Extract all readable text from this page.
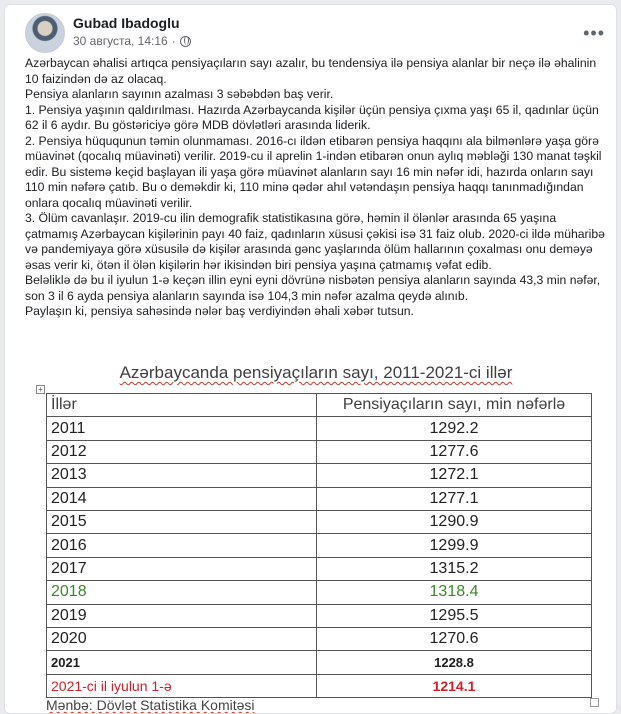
Gubad Ibadoglu
30 августа, 14:16 ·	•••

Azərbaycan əhalisi artıqca pensiyaçıların sayı azalır, bu tendensiya ilə pensiya alanlar bir neçə ilə əhalinin 10 faizindən də az olacaq.

Pensiya alanların sayının azalması 3 səbəbdən baş verir.

1. Pensiya yaşının qaldırılması. Hazırda Azərbaycanda kişilər üçün pensiya çıxma yaşı 65 il, qadınlar üçün 62 il 6 aydır. Bu göstəriciyə görə MDB dövlətləri arasında liderik.

2. Pensiya hüququnun təmin olunmaması. 2016-cı ildən etibarən pensiya haqqını ala bilmənlərə yaşa görə müavinət (qocalıq müavinəti) verilir. 2019-cu il aprelin 1-indən etibarən onun aylıq məbləği 130 manat təşkil edir. Bu sistemə keçid başlayan ili yaşa görə müavinət alanların sayı 16 min nəfər idi, hazırda onların sayı 110 min nəfərə çatıb. Bu o deməkdir ki, 110 minə qədər ahıl vətəndaşın pensiya haqqı tanınmadığından onlara qocalıq müavinəti verilir.

3. Ölüm cavanlaşır. 2019-cu ilin demografik statistikasına görə, həmin il ölənlər arasında 65 yaşına çatmamış Azərbaycan kişilərinin payı 40 faiz, qadınların xüsusi çəkisi isə 31 faiz olub. 2020-ci ildə müharibə və pandemiyaya görə xüsusilə də kişilər arasında gənc yaşlarında ölüm hallarının çoxalması onu deməyə əsas verir ki, ötən il ölən kişilərin hər ikisindən biri pensiya yaşına çatmamış vəfat edib.

Beləliklə də bu il iyulun 1-ə keçən illin eyni eyni dövrünə nisbətən pensiya alanların sayında 43,3 min nəfər, son 3 il 6 ayda pensiya alanların sayında isə 104,3 min nəfər azalma qeydə alınıb.

Paylaşın ki, pensiya sahəsində nələr baş verdiyindən əhali xəbər tutsun.

Azərbaycanda pensiyaçıların sayı, 2011-2021-ci illər
+
İllər	Pensiyaçıların sayı, min nəfərlə
2011	1292.2
2012	1277.6
2013	1272.1
2014	1277.1
2015	1290.9
2016	1299.9
2017	1315.2
2018	1318.4
2019	1295.5
2020	1270.6
2021	1228.8
2021-ci il iyulun 1-ə	1214.1
Mənbə: Dövlət Statistika Komitəsi
